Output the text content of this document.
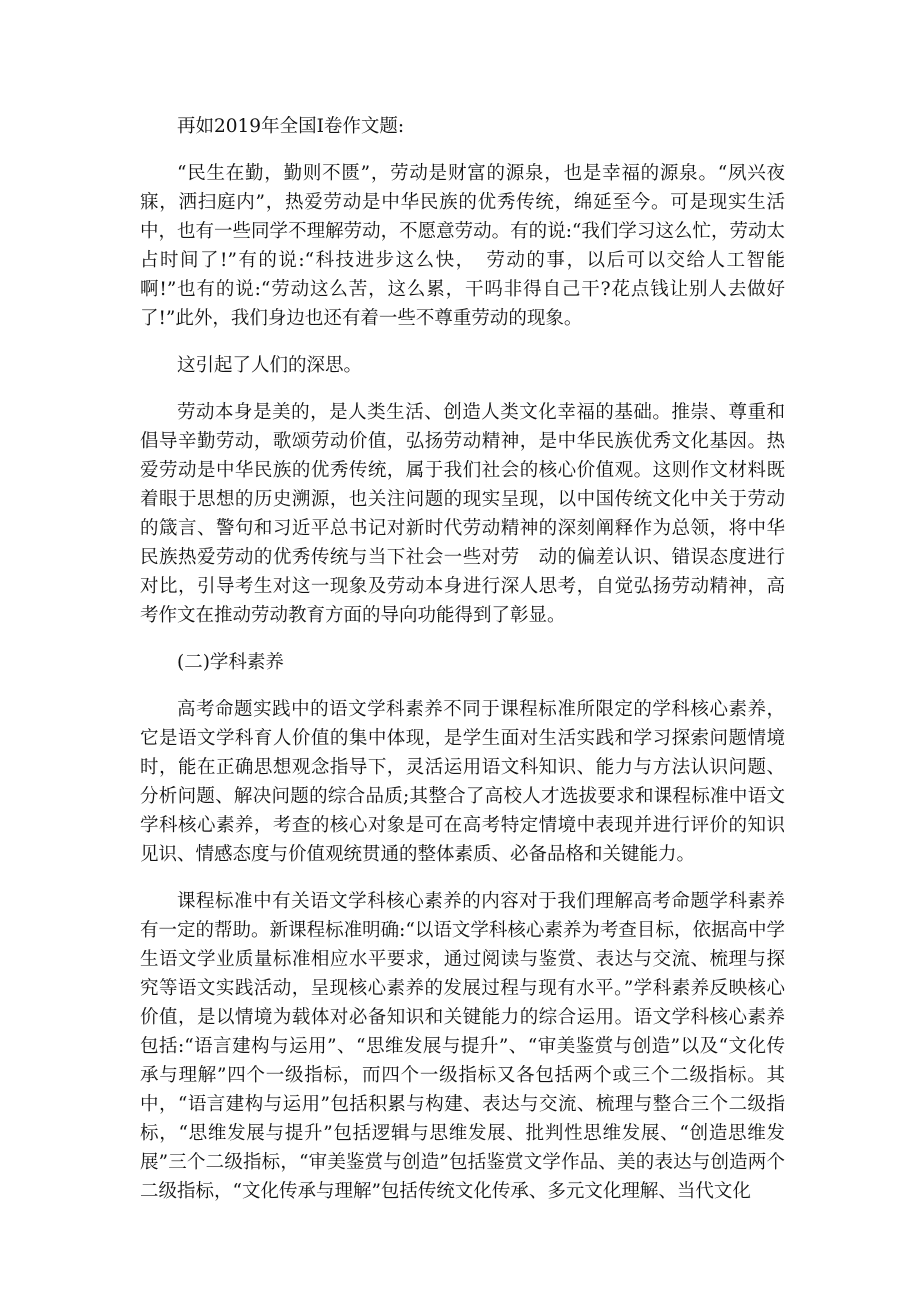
再如2019年全国Ⅰ卷作文题:

“民生在勤，勤则不匮”，劳动是财富的源泉，也是幸福的源泉。“夙兴夜寐，洒扫庭内”，热爱劳动是中华民族的优秀传统，绵延至今。可是现实生活中，也有一些同学不理解劳动，不愿意劳动。有的说:“我们学习这么忙，劳动太占时间了!”有的说:“科技进步这么快，　劳动的事，以后可以交给人工智能啊!”也有的说:“劳动这么苦，这么累，干吗非得自己干?花点钱让别人去做好了!”此外，我们身边也还有着一些不尊重劳动的现象。

这引起了人们的深思。

劳动本身是美的，是人类生活、创造人类文化幸福的基础。推崇、尊重和倡导辛勤劳动，歌颂劳动价值，弘扬劳动精神，是中华民族优秀文化基因。热爱劳动是中华民族的优秀传统，属于我们社会的核心价值观。这则作文材料既着眼于思想的历史溯源，也关注问题的现实呈现，以中国传统文化中关于劳动的箴言、警句和习近平总书记对新时代劳动精神的深刻阐释作为总领，将中华民族热爱劳动的优秀传统与当下社会一些对劳　动的偏差认识、错误态度进行对比，引导考生对这一现象及劳动本身进行深人思考，自觉弘扬劳动精神，高考作文在推动劳动教育方面的导向功能得到了彰显。

(二)学科素养

高考命题实践中的语文学科素养不同于课程标准所限定的学科核心素养，它是语文学科育人价值的集中体现，是学生面对生活实践和学习探索问题情境时，能在正确思想观念指导下，灵活运用语文科知识、能力与方法认识问题、分析问题、解决问题的综合品质;其整合了高校人才选拔要求和课程标准中语文学科核心素养，考查的核心对象是可在高考特定情境中表现并进行评价的知识见识、情感态度与价值观统贯通的整体素质、必备品格和关键能力。

课程标准中有关语文学科核心素养的内容对于我们理解高考命题学科素养有一定的帮助。新课程标准明确:“以语文学科核心素养为考查目标，依据高中学生语文学业质量标准相应水平要求，通过阅读与鉴赏、表达与交流、梳理与探究等语文实践活动，呈现核心素养的发展过程与现有水平。”学科素养反映核心价值，是以情境为载体对必备知识和关键能力的综合运用。语文学科核心素养包括:“语言建构与运用”、“思维发展与提升”、“审美鉴赏与创造”以及“文化传承与理解”四个一级指标，而四个一级指标又各包括两个或三个二级指标。其中，“语言建构与运用”包括积累与构建、表达与交流、梳理与整合三个二级指标，“思维发展与提升”包括逻辑与思维发展、批判性思维发展、“创造思维发展”三个二级指标，“审美鉴赏与创造”包括鉴赏文学作品、美的表达与创造两个二级指标，“文化传承与理解”包括传统文化传承、多元文化理解、当代文化
